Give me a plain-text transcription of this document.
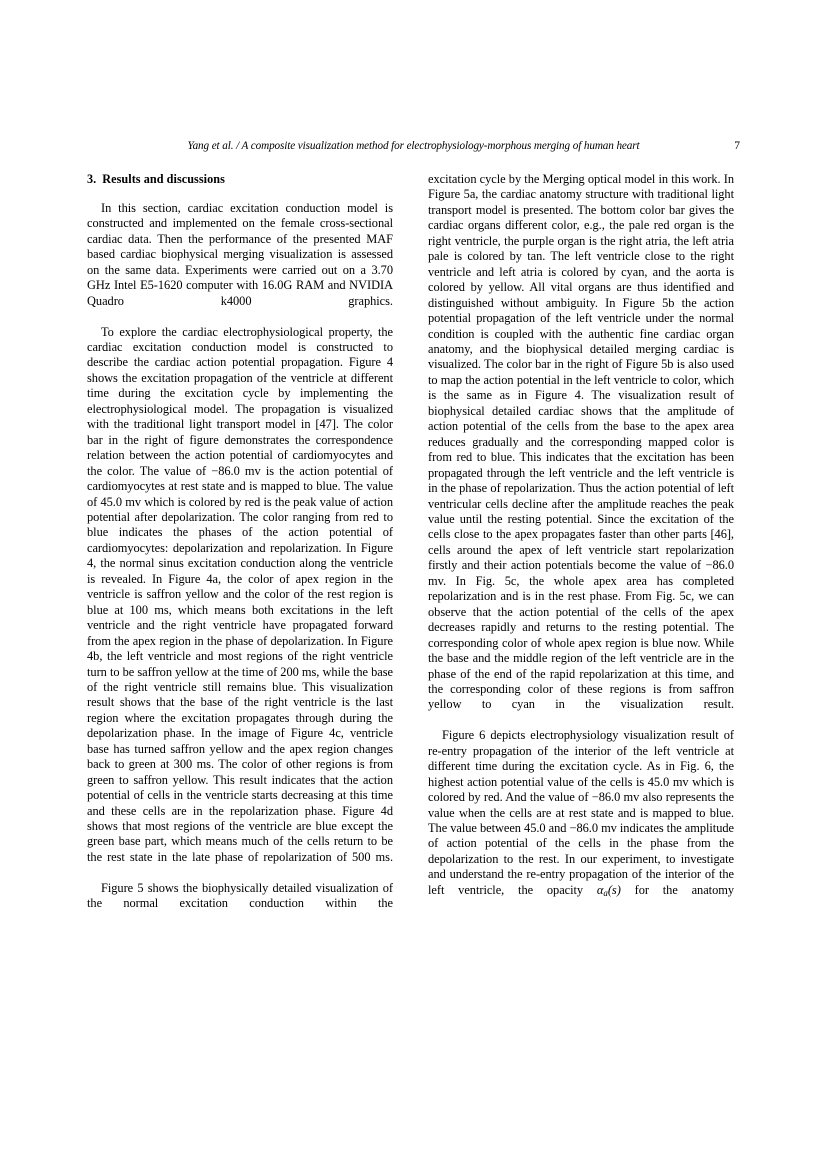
Yang et al. / A composite visualization method for electrophysiology-morphous merging of human heart	7
3. Results and discussions

In this section, cardiac excitation conduction model is constructed and implemented on the female cross-sectional cardiac data. Then the performance of the presented MAF based cardiac biophysical merging visualization is assessed on the same data. Experiments were carried out on a 3.70 GHz Intel E5-1620 computer with 16.0G RAM and NVIDIA Quadro k4000 graphics.

To explore the cardiac electrophysiological property, the cardiac excitation conduction model is constructed to describe the cardiac action potential propagation. Figure 4 shows the excitation propagation of the ventricle at different time during the excitation cycle by implementing the electrophysiological model. The propagation is visualized with the traditional light transport model in [47]. The color bar in the right of figure demonstrates the correspondence relation between the action potential of cardiomyocytes and the color. The value of −86.0 mv is the action potential of cardiomyocytes at rest state and is mapped to blue. The value of 45.0 mv which is colored by red is the peak value of action potential after depolarization. The color ranging from red to blue indicates the phases of the action potential of cardiomyocytes: depolarization and repolarization. In Figure 4, the normal sinus excitation conduction along the ventricle is revealed. In Figure 4a, the color of apex region in the ventricle is saffron yellow and the color of the rest region is blue at 100 ms, which means both excitations in the left ventricle and the right ventricle have propagated forward from the apex region in the phase of depolarization. In Figure 4b, the left ventricle and most regions of the right ventricle turn to be saffron yellow at the time of 200 ms, while the base of the right ventricle still remains blue. This visualization result shows that the base of the right ventricle is the last region where the excitation propagates through during the depolarization phase. In the image of Figure 4c, ventricle base has turned saffron yellow and the apex region changes back to green at 300 ms. The color of other regions is from green to saffron yellow. This result indicates that the action potential of cells in the ventricle starts decreasing at this time and these cells are in the repolarization phase. Figure 4d shows that most regions of the ventricle are blue except the green base part, which means much of the cells return to be the rest state in the late phase of repolarization of 500 ms.

Figure 5 shows the biophysically detailed visualization of the normal excitation conduction within the

excitation cycle by the Merging optical model in this work. In Figure 5a, the cardiac anatomy structure with traditional light transport model is presented. The bottom color bar gives the cardiac organs different color, e.g., the pale red organ is the right ventricle, the purple organ is the right atria, the left atria pale is colored by tan. The left ventricle close to the right ventricle and left atria is colored by cyan, and the aorta is colored by yellow. All vital organs are thus identified and distinguished without ambiguity. In Figure 5b the action potential propagation of the left ventricle under the normal condition is coupled with the authentic fine cardiac organ anatomy, and the biophysical detailed merging cardiac is visualized. The color bar in the right of Figure 5b is also used to map the action potential in the left ventricle to color, which is the same as in Figure 4. The visualization result of biophysical detailed cardiac shows that the amplitude of action potential of the cells from the base to the apex area reduces gradually and the corresponding mapped color is from red to blue. This indicates that the excitation has been propagated through the left ventricle and the left ventricle is in the phase of repolarization. Thus the action potential of left ventricular cells decline after the amplitude reaches the peak value until the resting potential. Since the excitation of the cells close to the apex propagates faster than other parts [46], cells around the apex of left ventricle start repolarization firstly and their action potentials become the value of −86.0 mv. In Fig. 5c, the whole apex area has completed repolarization and is in the rest phase. From Fig. 5c, we can observe that the action potential of the cells of the apex decreases rapidly and returns to the resting potential. The corresponding color of whole apex region is blue now. While the base and the middle region of the left ventricle are in the phase of the end of the rapid repolarization at this time, and the corresponding color of these regions is from saffron yellow to cyan in the visualization result.

Figure 6 depicts electrophysiology visualization result of re-entry propagation of the interior of the left ventricle at different time during the excitation cycle. As in Fig. 6, the highest action potential value of the cells is 45.0 mv which is colored by red. And the value of −86.0 mv also represents the value when the cells are at rest state and is mapped to blue. The value between 45.0 and −86.0 mv indicates the amplitude of action potential of the cells in the phase from the depolarization to the rest. In our experiment, to investigate and understand the re-entry propagation of the interior of the left ventricle, the opacity $\alpha_a(s)$ for the anatomy
